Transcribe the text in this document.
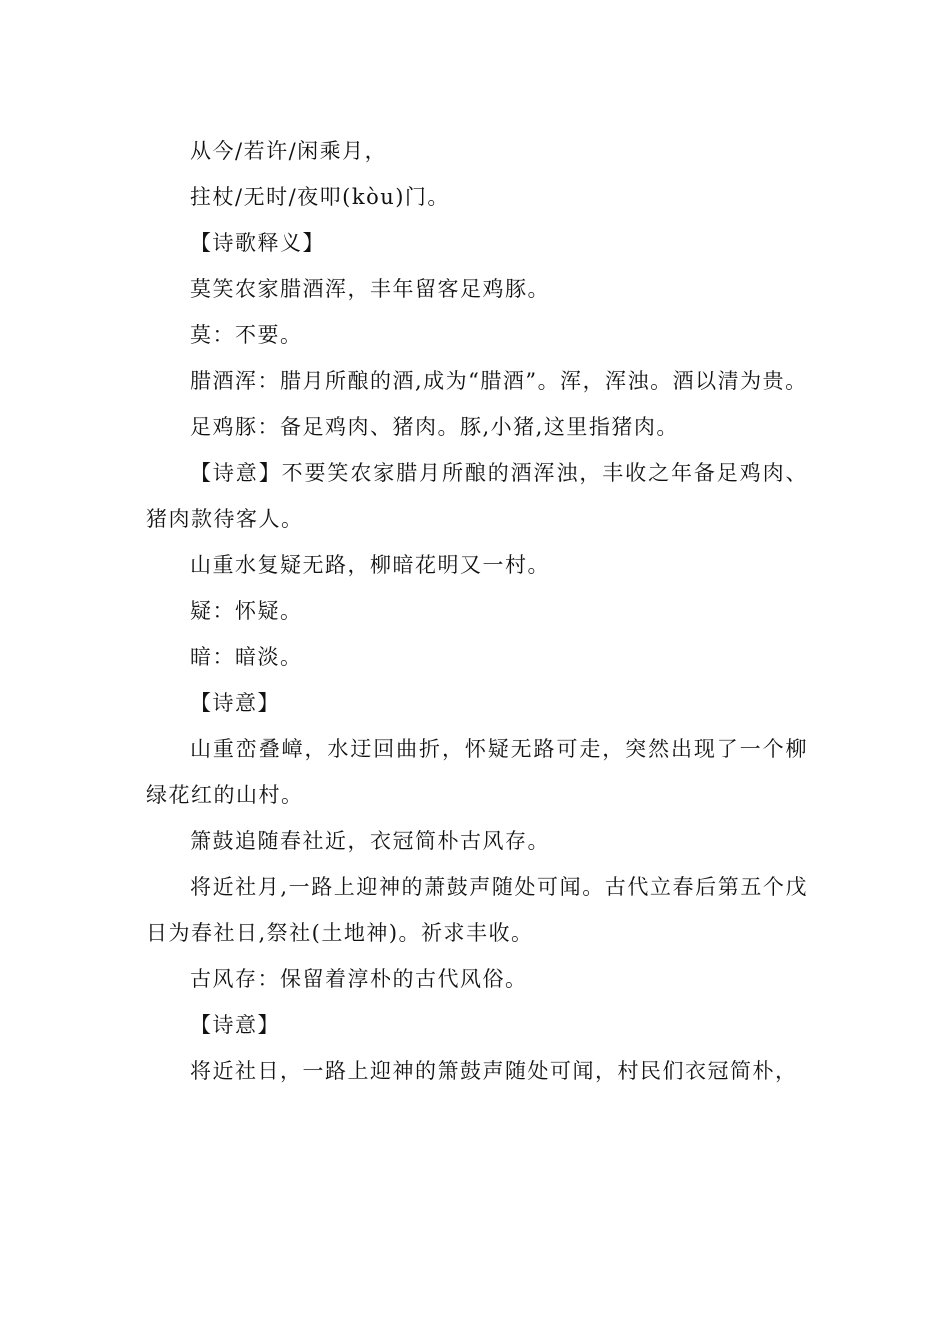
从今/若许/闲乘月，

拄杖/无时/夜叩(kòu)门。

【诗歌释义】

莫笑农家腊酒浑，丰年留客足鸡豚。

莫：不要。

腊酒浑：腊月所酿的酒,成为“腊酒”。浑，浑浊。酒以清为贵。

足鸡豚：备足鸡肉、猪肉。豚,小猪,这里指猪肉。

【诗意】不要笑农家腊月所酿的酒浑浊，丰收之年备足鸡肉、猪肉款待客人。

山重水复疑无路，柳暗花明又一村。

疑：怀疑。

暗：暗淡。

【诗意】

山重峦叠嶂，水迂回曲折，怀疑无路可走，突然出现了一个柳绿花红的山村。

箫鼓追随春社近，衣冠简朴古风存。

将近社月,一路上迎神的萧鼓声随处可闻。古代立春后第五个戊日为春社日,祭社(土地神)。祈求丰收。

古风存：保留着淳朴的古代风俗。

【诗意】

将近社日，一路上迎神的箫鼓声随处可闻，村民们衣冠简朴，
